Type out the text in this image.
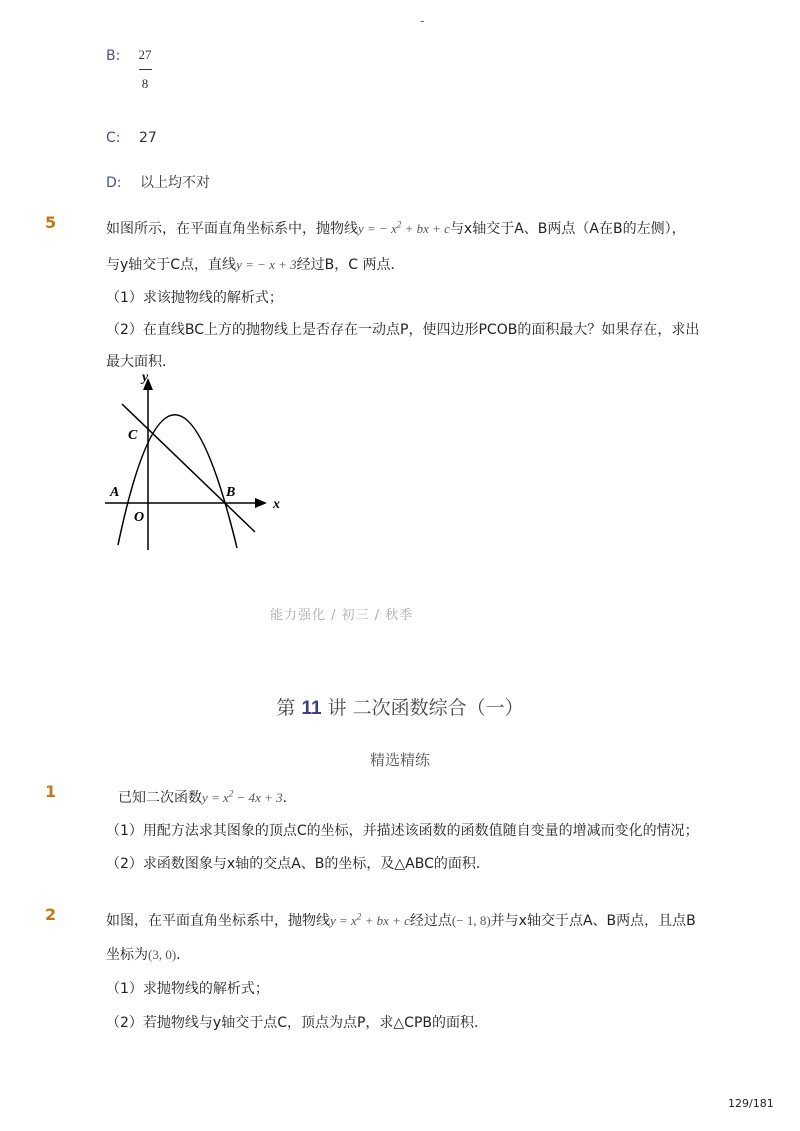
-
B: 27
8
C: 27
D: 以上均不对
5	如图所示，在平面直角坐标系中，抛物线y = − $x^2$ + bx + c与x轴交于A、B两点（A在B的左侧），
与y轴交于C点，直线y = − x + 3经过B，C 两点．
（1）求该抛物线的解析式；
（2）在直线BC上方的抛物线上是否存在一动点P，使四边形PCOB的面积最大？如果存在，求出
最大面积．
y
x
C
A	B
O
能力强化 / 初三 / 秋季
第 11 讲 二次函数综合（一）
精选精练
1	已知二次函数$y = x^2 - 4x + 3$．
（1）用配方法求其图象的顶点C的坐标，并描述该函数的函数值随自变量的增减而变化的情况；
（2）求函数图象与x轴的交点A、B的坐标，及△ABC的面积．
2	如图，在平面直角坐标系中，抛物线$y = x^2$ + bx + c经过点(− 1, 8)并与x轴交于点A、B两点，且点B
坐标为(3, 0)．
（1）求抛物线的解析式；
（2）若抛物线与y轴交于点C，顶点为点P，求△CPB的面积．
129/181
